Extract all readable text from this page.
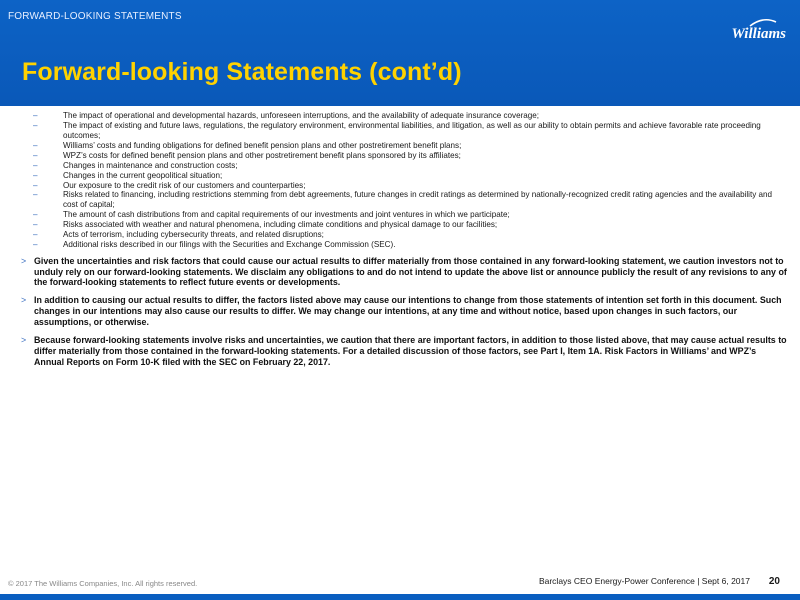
FORWARD-LOOKING STATEMENTS
Williams
Forward-looking Statements (cont’d)
–	The impact of operational and developmental hazards, unforeseen interruptions, and the availability of adequate insurance coverage;
–	The impact of existing and future laws, regulations, the regulatory environment, environmental liabilities, and litigation, as well as our ability to obtain permits and achieve favorable rate proceeding outcomes;
–	Williams’ costs and funding obligations for defined benefit pension plans and other postretirement benefit plans;
–	WPZ’s costs for defined benefit pension plans and other postretirement benefit plans sponsored by its affiliates;
–	Changes in maintenance and construction costs;
–	Changes in the current geopolitical situation;
–	Our exposure to the credit risk of our customers and counterparties;
–	Risks related to financing, including restrictions stemming from debt agreements, future changes in credit ratings as determined by nationally-recognized credit rating agencies and the availability and cost of capital;
–	The amount of cash distributions from and capital requirements of our investments and joint ventures in which we participate;
–	Risks associated with weather and natural phenomena, including climate conditions and physical damage to our facilities;
–	Acts of terrorism, including cybersecurity threats, and related disruptions;
–	Additional risks described in our filings with the Securities and Exchange Commission (SEC).
> Given the uncertainties and risk factors that could cause our actual results to differ materially from those contained in any forward-looking statement, we caution investors not to unduly rely on our forward-looking statements. We disclaim any obligations to and do not intend to update the above list or announce publicly the result of any revisions to any of the forward-looking statements to reflect future events or developments.
> In addition to causing our actual results to differ, the factors listed above may cause our intentions to change from those statements of intention set forth in this document. Such changes in our intentions may also cause our results to differ. We may change our intentions, at any time and without notice, based upon changes in such factors, our assumptions, or otherwise.
> Because forward-looking statements involve risks and uncertainties, we caution that there are important factors, in addition to those listed above, that may cause actual results to differ materially from those contained in the forward-looking statements. For a detailed discussion of those factors, see Part I, Item 1A. Risk Factors in Williams’ and WPZ’s Annual Reports on Form 10-K filed with the SEC on February 22, 2017.
© 2017 The Williams Companies, Inc. All rights reserved.	Barclays CEO Energy-Power Conference | Sept 6, 2017 20
